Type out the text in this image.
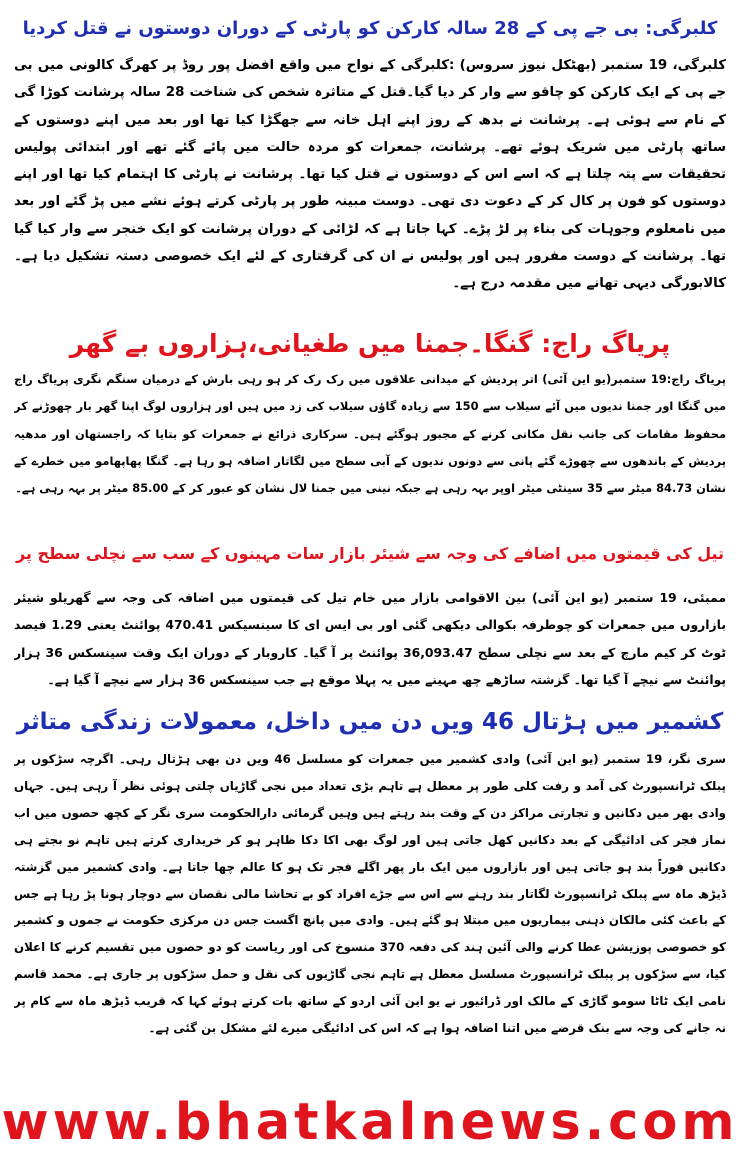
کلبرگی: بی جے پی کے 28 سالہ کارکن کو پارٹی کے دوران دوستوں نے قتل کردیا

کلبرگی، 19 ستمبر (بھٹکل نیوز سروس) :کلبرگی کے نواح میں واقع افضل پور روڈ پر کھرگ کالونی میں بی جے پی کے ایک کارکن کو چاقو سے وار کر دیا گیا۔قتل کے متاثرہ شخص کی شناخت 28 سالہ پرشانت کوڑا گی کے نام سے ہوئی ہے۔ پرشانت نے بدھ کے روز اپنے اہل خانہ سے جھگڑا کیا تھا اور بعد میں اپنے دوستوں کے ساتھ پارٹی میں شریک ہوئے تھے۔ پرشانت، جمعرات کو مردہ حالت میں پائے گئے تھے اور ابتدائی پولیس تحقیقات سے پتہ چلتا ہے کہ اسے اس کے دوستوں نے قتل کیا تھا۔ پرشانت نے پارٹی کا اہتمام کیا تھا اور اپنے دوستوں کو فون پر کال کر کے دعوت دی تھی۔ دوست مبینہ طور پر پارٹی کرتے ہوئے نشے میں پڑ گئے اور بعد میں نامعلوم وجوہات کی بناء پر لڑ پڑے۔ کہا جاتا ہے کہ لڑائی کے دوران پرشانت کو ایک خنجر سے وار کیا گیا تھا۔ پرشانت کے دوست مفرور ہیں اور پولیس نے ان کی گرفتاری کے لئے ایک خصوصی دستہ تشکیل دیا ہے۔ کالابورگی دیہی تھانے میں مقدمہ درج ہے۔

پریاگ راج: گنگا۔جمنا میں طغیانی،ہزاروں بے گھر

پریاگ راج:19 ستمبر(یو این آئی) اتر پردیش کے میدانی علاقوں میں رک رک کر ہو رہی بارش کے درمیان سنگم نگری پریاگ راج میں گنگا اور جمنا ندیوں میں آئے سیلاب سے 150 سے زیادہ گاؤں سیلاب کی زد میں ہیں اور ہزاروں لوگ اپنا گھر بار چھوڑنے کر محفوظ مقامات کی جانب نقل مکانی کرنے کے مجبور ہوگئے ہیں۔ سرکاری ذرائع نے جمعرات کو بتایا کہ راجستھان اور مدھیہ پردیش کے باندھوں سے چھوڑے گئے پانی سے دونوں ندیوں کے آبی سطح میں لگاتار اضافہ ہو رہا ہے۔ گنگا پھاپھامو میں خطرے کے نشان 84.73 میٹر سے 35 سینٹی میٹر اوپر بہہ رہی ہے جبکہ نینی میں جمنا لال نشان کو عبور کر کے 85.00 میٹر پر بہہ رہی ہے۔

تیل کی قیمتوں میں اضافے کی وجہ سے شیئر بازار سات مہینوں کے سب سے نچلی سطح پر

ممبئی، 19 ستمبر (یو این آئی) بین الاقوامی بازار میں خام تیل کی قیمتوں میں اضافہ کی وجہ سے گھریلو شیئر بازاروں میں جمعرات کو چوطرفہ بکوالی دیکھی گئی اور بی ایس ای کا سینسیکس 470.41 پوائنٹ یعنی 1.29 فیصد ٹوٹ کر کیم مارچ کے بعد سے نچلی سطح 36,093.47 پوائنٹ پر آ گیا۔ کاروبار کے دوران ایک وقت سینسکس 36 ہزار پوائنٹ سے نیچے آ گیا تھا۔ گزشتہ ساڑھے چھ مہینے میں یہ پہلا موقع ہے جب سینسکس 36 ہزار سے نیچے آ گیا ہے۔

کشمیر میں ہڑتال 46 ویں دن میں داخل، معمولات زندگی متاثر

سری نگر، 19 ستمبر (یو این آئی) وادی کشمیر میں جمعرات کو مسلسل 46 ویں دن بھی ہڑتال رہی۔ اگرچہ سڑکوں پر پبلک ٹرانسپورٹ کی آمد و رفت کلی طور پر معطل ہے تاہم بڑی تعداد میں نجی گاڑیاں چلتی ہوئی نظر آ رہی ہیں۔ جہاں وادی بھر میں دکانیں و تجارتی مراکز دن کے وقت بند رہتے ہیں وہیں گرمائی دارالحکومت سری نگر کے کچھ حصوں میں اب نماز فجر کی ادائیگی کے بعد دکانیں کھل جاتی ہیں اور لوگ بھی اکا دکا ظاہر ہو کر خریداری کرتے ہیں تاہم نو بجتے ہی دکانیں فوراً بند ہو جاتی ہیں اور بازاروں میں ایک بار پھر اگلے فجر تک ہو کا عالم چھا جاتا ہے۔ وادی کشمیر میں گزشتہ ڈیڑھ ماہ سے پبلک ٹرانسپورٹ لگاتار بند رہنے سے اس سے جڑے افراد کو بے تحاشا مالی نقصان سے دوچار ہونا پڑ رہا ہے جس کے باعث کئی مالکان ذہنی بیماریوں میں مبتلا ہو گئے ہیں۔ وادی میں پانچ اگست جس دن مرکزی حکومت نے جموں و کشمیر کو خصوصی پوزیشن عطا کرنے والی آئین ہند کی دفعہ 370 منسوخ کی اور ریاست کو دو حصوں میں تقسیم کرنے کا اعلان کیا، سے سڑکوں پر پبلک ٹرانسپورٹ مسلسل معطل ہے تاہم نجی گاڑیوں کی نقل و حمل سڑکوں پر جاری ہے۔ محمد قاسم نامی ایک ٹاٹا سومو گاڑی کے مالک اور ڈرائیور نے یو این آئی اردو کے ساتھ بات کرتے ہوئے کہا کہ قریب ڈیڑھ ماہ سے کام پر نہ جانے کی وجہ سے بنک قرضے میں اتنا اضافہ ہوا ہے کہ اس کی ادائیگی میرے لئے مشکل بن گئی ہے۔

www.bhatkalnews.com
